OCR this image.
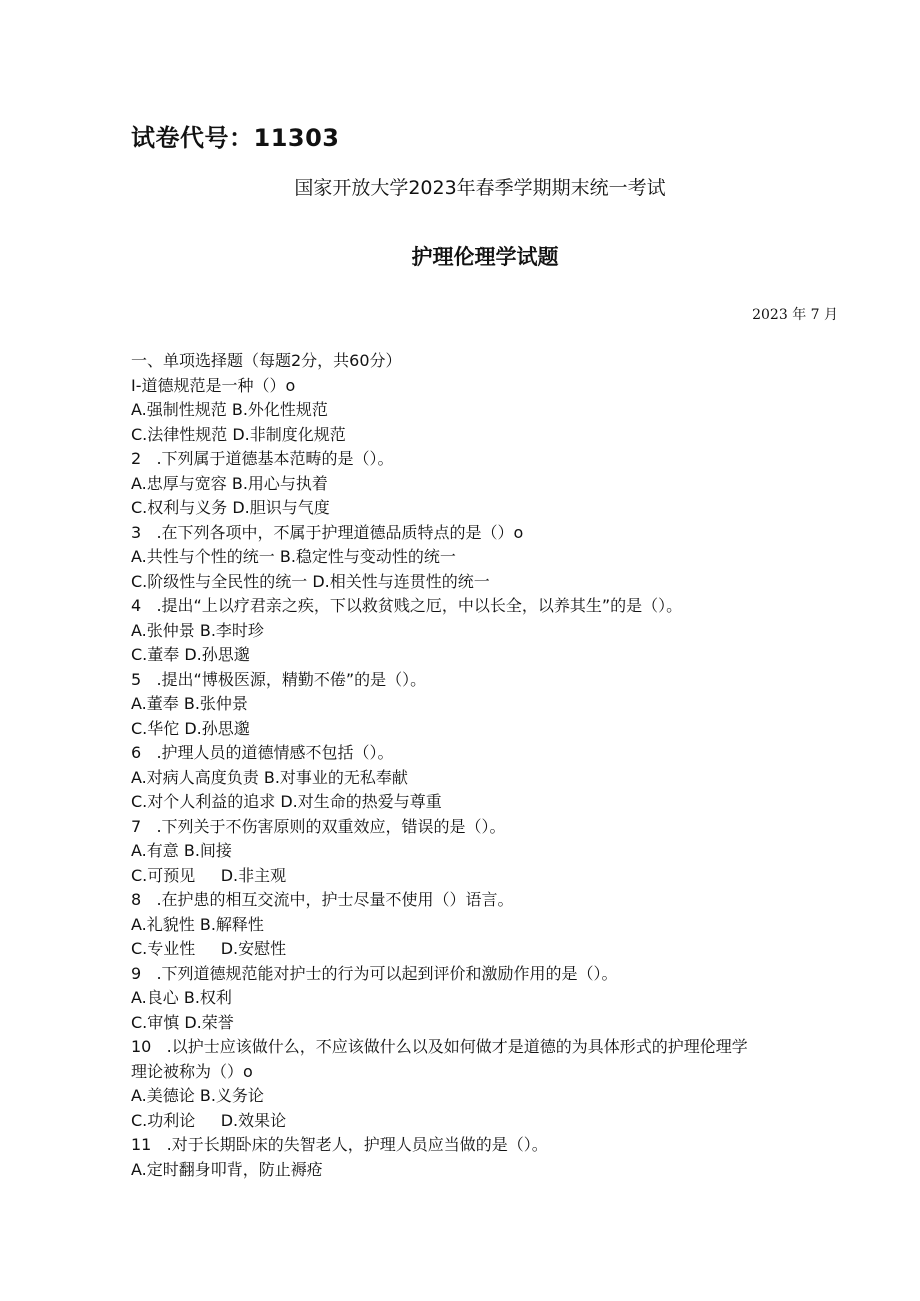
试卷代号：11303
国家开放大学2023年春季学期期末统一考试
护理伦理学试题
2023 年 7 月
一、单项选择题（每题2分，共60分）
I-道德规范是一种（）o
A.强制性规范 B.外化性规范
C.法律性规范 D.非制度化规范
2   .下列属于道德基本范畴的是（）。
A.忠厚与宽容 B.用心与执着
C.权利与义务 D.胆识与气度
3   .在下列各项中，不属于护理道德品质特点的是（）o
A.共性与个性的统一 B.稳定性与变动性的统一
C.阶级性与全民性的统一 D.相关性与连贯性的统一
4   .提出“上以疗君亲之疾，下以救贫贱之厄，中以长全，以养其生”的是（）。
A.张仲景 B.李时珍
C.董奉 D.孙思邈
5   .提出“博极医源，精勤不倦”的是（）。
A.董奉 B.张仲景
C.华佗 D.孙思邈
6   .护理人员的道德情感不包括（）。
A.对病人高度负责 B.对事业的无私奉献
C.对个人利益的追求 D.对生命的热爱与尊重
7   .下列关于不伤害原则的双重效应，错误的是（）。
A.有意 B.间接
C.可预见     D.非主观
8   .在护患的相互交流中，护士尽量不使用（）语言。
A.礼貌性 B.解释性
C.专业性     D.安慰性
9   .下列道德规范能对护士的行为可以起到评价和激励作用的是（）。
A.良心 B.权利
C.审慎 D.荣誉
10   .以护士应该做什么，不应该做什么以及如何做才是道德的为具体形式的护理伦理学
理论被称为（）o
A.美德论 B.义务论
C.功利论     D.效果论
11   .对于长期卧床的失智老人，护理人员应当做的是（）。
A.定时翻身叩背，防止褥疮
